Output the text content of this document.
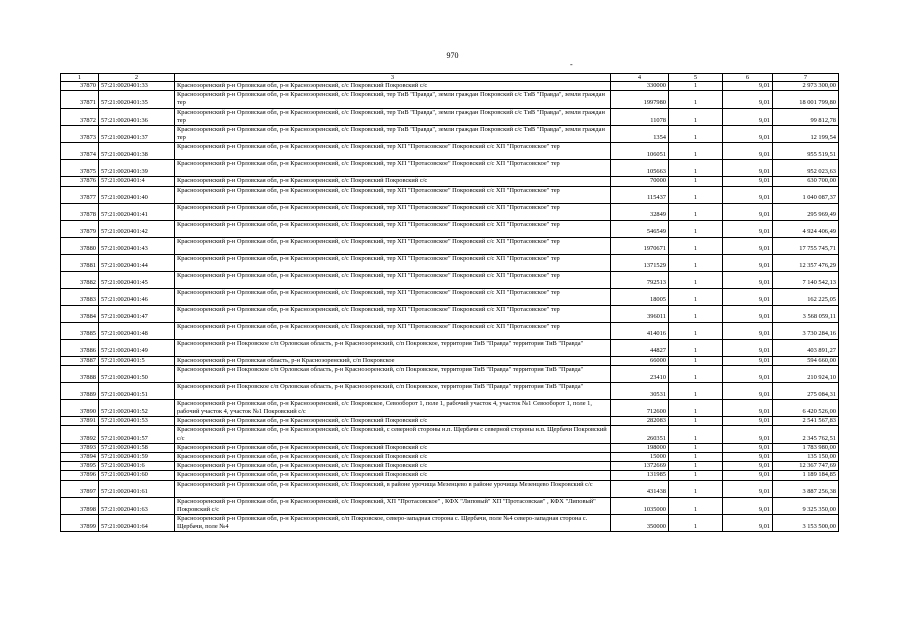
970
-
1	2	3	4	5	6	7
37870	57:21:0020401:33	Красноэоренский р-н Орловская обл, р-н Красноэоренский, с/с Покровский Покровский с/с	330000	1	9,01	2 973 300,00
37871	57:21:0020401:35	Красноэоренский р-н Орловская обл, р-н Красноэоренский, с/с Покровский, тер ТиВ "Правда", земли граждан Покровский с/с ТиВ "Правда", земли граждан тер	1997980	1	9,01	18 001 799,80
37872	57:21:0020401:36	Красноэоренский р-н Орловская обл, р-н Красноэоренский, с/с Покровский, тер ТиВ "Правда", земли граждан Покровский с/с ТиВ "Правда", земли граждан тер	11078	1	9,01	99 812,78
37873	57:21:0020401:37	Красноэоренский р-н Орловская обл, р-н Красноэоренский, с/с Покровский, тер ТиВ "Правда", земли граждан Покровский с/с ТиВ "Правда", земли граждан тер	1354	1	9,01	12 199,54
37874	57:21:0020401:38	Красноэоренский р-н Орловская обл, р-н Красноэоренский, с/с Покровский, тер ХП "Протасовское" Покровский с/с ХП "Протасовское" тер	106051	1	9,01	955 519,51
37875	57:21:0020401:39	Красноэоренский р-н Орловская обл, р-н Красноэоренский, с/с Покровский, тер ХП "Протасовское" Покровский с/с ХП "Протасовское" тер	105663	1	9,01	952 023,63
37876	57:21:0020401:4	Красноэоренский р-н Орловская обл, р-н Красноэоренский, с/с Покровский Покровский с/с	70000	1	9,01	630 700,00
37877	57:21:0020401:40	Красноэоренский р-н Орловская обл, р-н Красноэоренский, с/с Покровский, тер ХП "Протасовское" Покровский с/с ХП "Протасовское" тер	115437	1	9,01	1 040 087,37
37878	57:21:0020401:41	Красноэоренский р-н Орловская обл, р-н Красноэоренский, с/с Покровский, тер ХП "Протасовское" Покровский с/с ХП "Протасовское" тер	32849	1	9,01	295 969,49
37879	57:21:0020401:42	Красноэоренский р-н Орловская обл, р-н Красноэоренский, с/с Покровский, тер ХП "Протасовское" Покровский с/с ХП "Протасовское" тер	546549	1	9,01	4 924 406,49
37880	57:21:0020401:43	Красноэоренский р-н Орловская обл, р-н Красноэоренский, с/с Покровский, тер ХП "Протасовское" Покровский с/с ХП "Протасовское" тер	1970671	1	9,01	17 755 745,71
37881	57:21:0020401:44	Красноэоренский р-н Орловская обл, р-н Красноэоренский, с/с Покровский, тер ХП "Протасовское" Покровский с/с ХП "Протасовское" тер	1371529	1	9,01	12 357 476,29
37882	57:21:0020401:45	Красноэоренский р-н Орловская обл, р-н Красноэоренский, с/с Покровский, тер ХП "Протасовское" Покровский с/с ХП "Протасовское" тер	792513	1	9,01	7 140 542,13
37883	57:21:0020401:46	Красноэоренский р-н Орловская обл, р-н Красноэоренский, с/с Покровский, тер ХП "Протасовское" Покровский с/с ХП "Протасовское" тер	18005	1	9,01	162 225,05
37884	57:21:0020401:47	Красноэоренский р-н Орловская обл, р-н Красноэоренский, с/с Покровский, тер ХП "Протасовское" Покровский с/с ХП "Протасовское" тер	396011	1	9,01	3 568 059,11
37885	57:21:0020401:48	Красноэоренский р-н Орловская обл, р-н Красноэоренский, с/с Покровский, тер ХП "Протасовское" Покровский с/с ХП "Протасовское" тер	414016	1	9,01	3 730 284,16
37886	57:21:0020401:49	Красноэоренский р-н Покровское с/п Орловская область, р-н Красноэоренский, с/п Покровское, территория ТиВ "Правда" территория ТиВ "Правда"	44827	1	9,01	403 891,27
37887	57:21:0020401:5	Красноэоренский р-н Орловская область, р-н Красноэоренский, с/п Покровское	66000	1	9,01	594 660,00
37888	57:21:0020401:50	Красноэоренский р-н Покровское с/п Орловская область, р-н Красноэоренский, с/п Покровское, территория ТиВ "Правда" территория ТиВ "Правда"	23410	1	9,01	210 924,10
37889	57:21:0020401:51	Красноэоренский р-н Покровское с/п Орловская область, р-н Красноэоренский, с/п Покровское, территория ТиВ "Правда" территория ТиВ "Правда"	30531	1	9,01	275 084,31
37890	57:21:0020401:52	Красноэоренский р-н Орловская обл, р-н Красноэоренский, с/с Покровское, Севооборот 1, поле 1, рабочий участок 4, участок №1 Севооборот 1, поле 1, рабочий участок 4, участок №1 Покровский с/с	712600	1	9,01	6 420 526,00
37891	57:21:0020401:53	Красноэоренский р-н Орловская обл, р-н Красноэоренский, с/с Покровский Покровский с/с	282083	1	9,01	2 541 567,83
37892	57:21:0020401:57	Красноэоренский р-н Орловская обл, р-н Красноэоренский, с/с Покровский, с северной стороны н.п. Щербачи с северной стороны н.п. Щербачи Покровский с/с	260351	1	9,01	2 345 762,51
37893	57:21:0020401:58	Красноэоренский р-н Орловская обл, р-н Красноэоренский, с/с Покровский Покровский с/с	198000	1	9,01	1 783 980,00
37894	57:21:0020401:59	Красноэоренский р-н Орловская обл, р-н Красноэоренский, с/с Покровский Покровский с/с	15000	1	9,01	135 150,00
37895	57:21:0020401:6	Красноэоренский р-н Орловская обл, р-н Красноэоренский, с/с Покровский Покровский с/с	1372669	1	9,01	12 367 747,69
37896	57:21:0020401:60	Красноэоренский р-н Орловская обл, р-н Красноэоренский, с/с Покровский Покровский с/с	131985	1	9,01	1 189 184,85
37897	57:21:0020401:61	Красноэоренский р-н Орловская обл, р-н Красноэоренский, с/с Покровский, в районе урочища Мезенцево в районе урочища Мезенцево Покровский с/с	431438	1	9,01	3 887 256,38
37898	57:21:0020401:63	Красноэоренский р-н Орловская обл, р-н Красноэоренский, с/с Покровский, ХП "Протасовское" , КФХ "Липовый" ХП "Протасовская" , КФХ "Липовый" Покровский с/с	1035000	1	9,01	9 325 350,00
37899	57:21:0020401:64	Красноэоренский р-н Орловская обл, р-н Красноэоренский, с/п Покровское, северо-западная сторона с. Щербачи, поле №4 северо-западная сторона с. Щербачи, поле №4	350000	1	9,01	3 153 500,00
